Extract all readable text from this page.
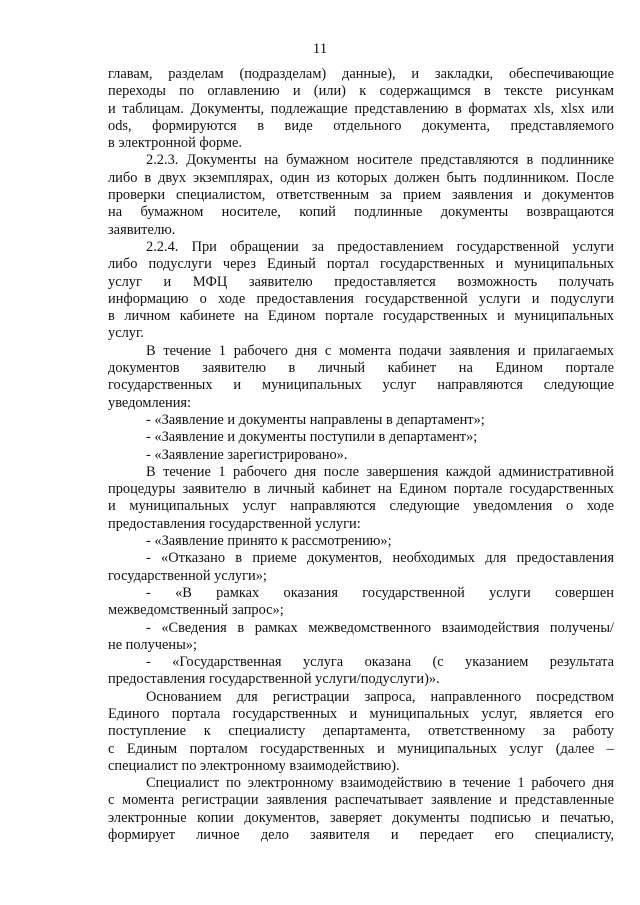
11
главам, разделам (подразделам) данные), и закладки, обеспечивающие
переходы по оглавлению и (или) к содержащимся в тексте рисункам
и таблицам. Документы, подлежащие представлению в форматах xls, xlsx или
ods, формируются в виде отдельного документа, представляемого
в электронной форме.
2.2.3. Документы на бумажном носителе представляются в подлиннике
либо в двух экземплярах, один из которых должен быть подлинником. После
проверки специалистом, ответственным за прием заявления и документов
на бумажном носителе, копий подлинные документы возвращаются
заявителю.
2.2.4. При обращении за предоставлением государственной услуги
либо подуслуги через Единый портал государственных и муниципальных
услуг и МФЦ заявителю предоставляется возможность получать
информацию о ходе предоставления государственной услуги и подуслуги
в личном кабинете на Едином портале государственных и муниципальных
услуг.
В течение 1 рабочего дня с момента подачи заявления и прилагаемых
документов заявителю в личный кабинет на Едином портале
государственных и муниципальных услуг направляются следующие
уведомления:
- «Заявление и документы направлены в департамент»;
- «Заявление и документы поступили в департамент»;
- «Заявление зарегистрировано».
В течение 1 рабочего дня после завершения каждой административной
процедуры заявителю в личный кабинет на Едином портале государственных
и муниципальных услуг направляются следующие уведомления о ходе
предоставления государственной услуги:
- «Заявление принято к рассмотрению»;
- «Отказано в приеме документов, необходимых для предоставления
государственной услуги»;
- «В рамках оказания государственной услуги совершен
межведомственный запрос»;
- «Сведения в рамках межведомственного взаимодействия получены/
не получены»;
- «Государственная услуга оказана (с указанием результата
предоставления государственной услуги/подуслуги)».
Основанием для регистрации запроса, направленного посредством
Единого портала государственных и муниципальных услуг, является его
поступление к специалисту департамента, ответственному за работу
с Единым порталом государственных и муниципальных услуг (далее –
специалист по электронному взаимодействию).
Специалист по электронному взаимодействию в течение 1 рабочего дня
с момента регистрации заявления распечатывает заявление и представленные
электронные копии документов, заверяет документы подписью и печатью,
формирует личное дело заявителя и передает его специалисту,
